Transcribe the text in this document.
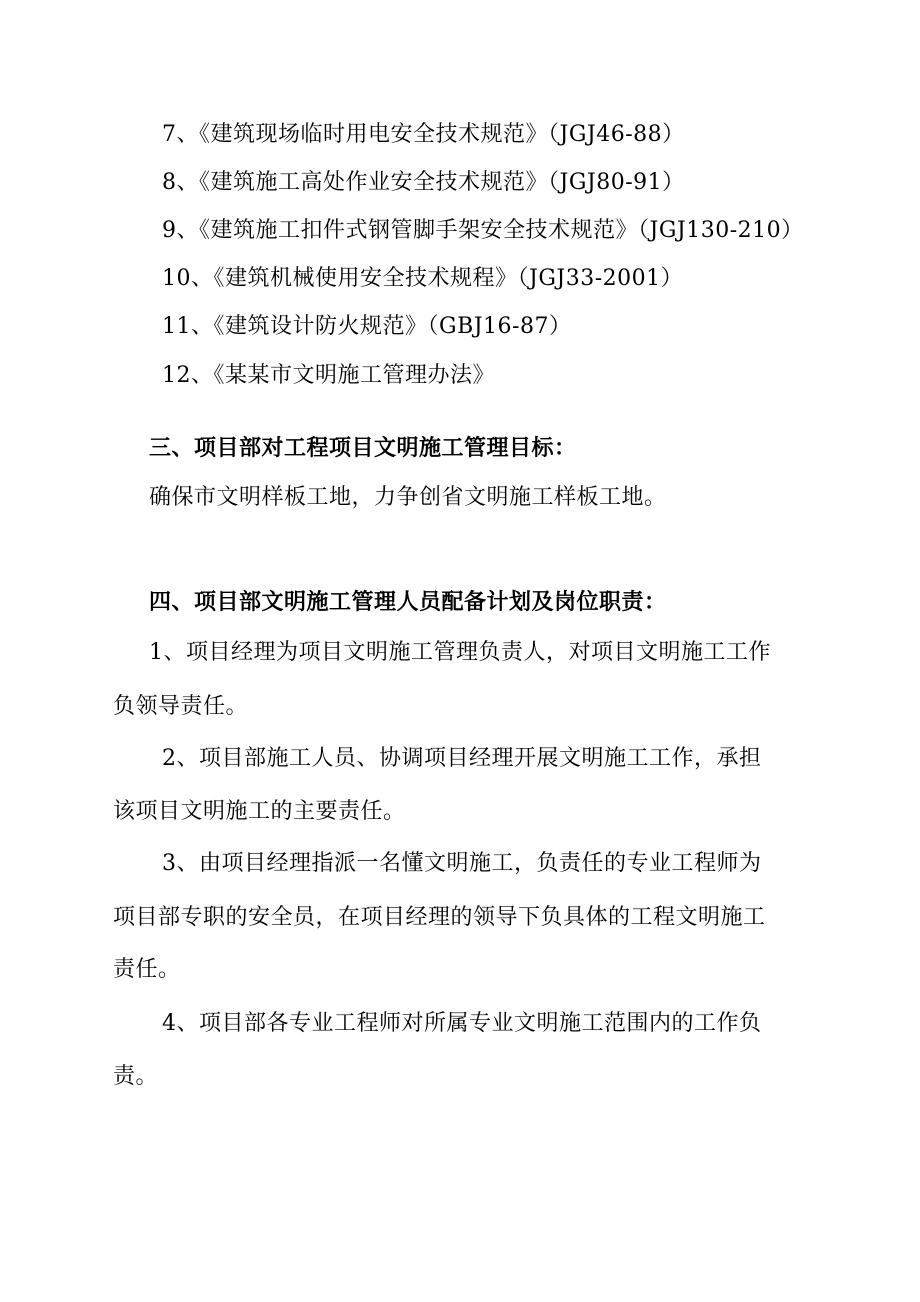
7、《建筑现场临时用电安全技术规范》（JGJ46-88）
8、《建筑施工高处作业安全技术规范》（JGJ80-91）
9、《建筑施工扣件式钢管脚手架安全技术规范》（JGJ130-210）
10、《建筑机械使用安全技术规程》（JGJ33-2001）
11、《建筑设计防火规范》（GBJ16-87）
12、《某某市文明施工管理办法》
三、项目部对工程项目文明施工管理目标：
确保市文明样板工地，力争创省文明施工样板工地。
四、项目部文明施工管理人员配备计划及岗位职责：
1、项目经理为项目文明施工管理负责人，对项目文明施工工作
负领导责任。
2、项目部施工人员、协调项目经理开展文明施工工作，承担
该项目文明施工的主要责任。
3、由项目经理指派一名懂文明施工，负责任的专业工程师为
项目部专职的安全员，在项目经理的领导下负具体的工程文明施工
责任。
4、项目部各专业工程师对所属专业文明施工范围内的工作负
责。
